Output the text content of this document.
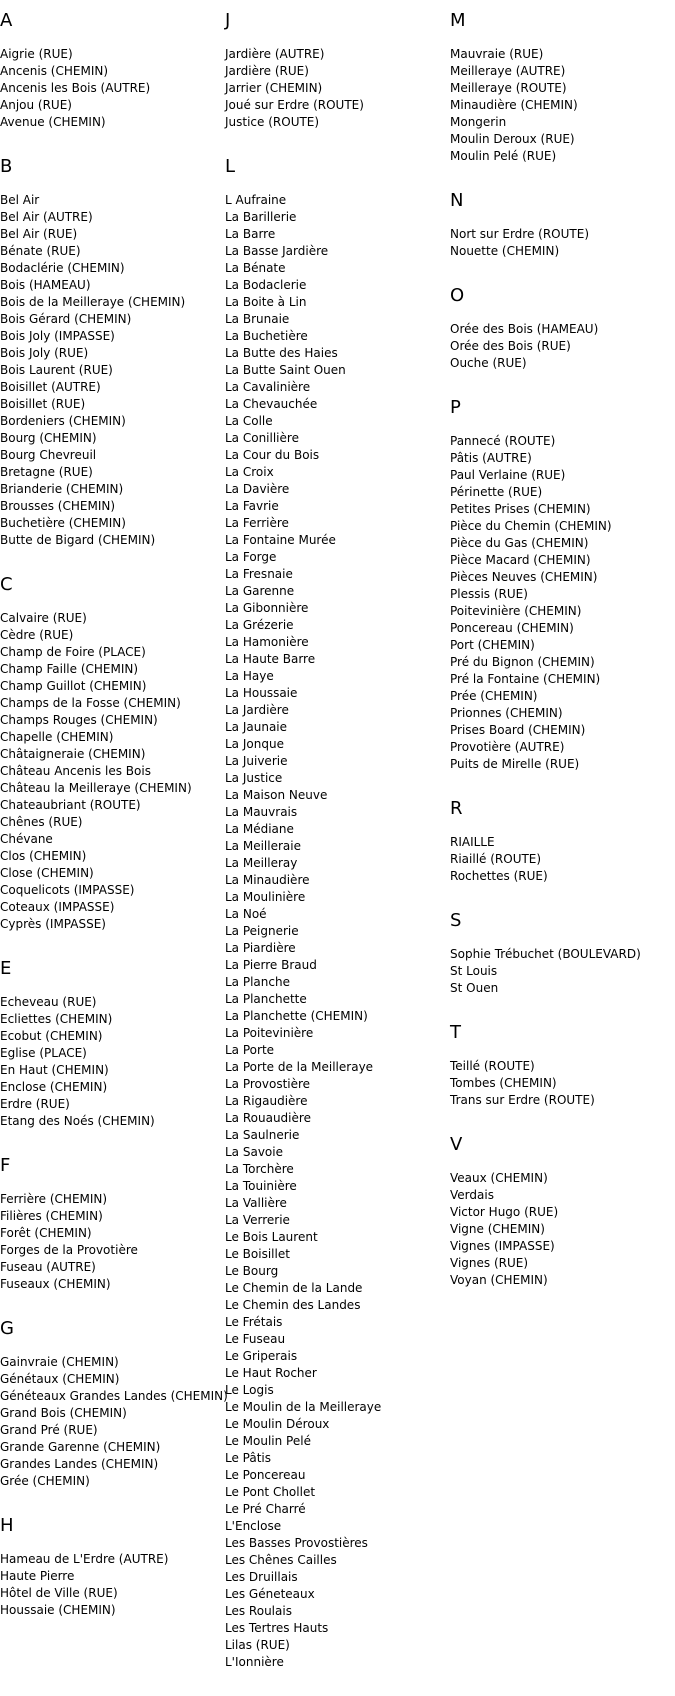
A
Aigrie (RUE)
Ancenis (CHEMIN)
Ancenis les Bois (AUTRE)
Anjou (RUE)
Avenue (CHEMIN)
B
Bel Air
Bel Air (AUTRE)
Bel Air (RUE)
Bénate (RUE)
Bodaclérie (CHEMIN)
Bois (HAMEAU)
Bois de la Meilleraye (CHEMIN)
Bois Gérard (CHEMIN)
Bois Joly (IMPASSE)
Bois Joly (RUE)
Bois Laurent (RUE)
Boisillet (AUTRE)
Boisillet (RUE)
Bordeniers (CHEMIN)
Bourg (CHEMIN)
Bourg Chevreuil
Bretagne (RUE)
Brianderie (CHEMIN)
Brousses (CHEMIN)
Buchetière (CHEMIN)
Butte de Bigard (CHEMIN)
C
Calvaire (RUE)
Cèdre (RUE)
Champ de Foire (PLACE)
Champ Faille (CHEMIN)
Champ Guillot (CHEMIN)
Champs de la Fosse (CHEMIN)
Champs Rouges (CHEMIN)
Chapelle (CHEMIN)
Châtaigneraie (CHEMIN)
Château Ancenis les Bois
Château la Meilleraye (CHEMIN)
Chateaubriant (ROUTE)
Chênes (RUE)
Chévane
Clos (CHEMIN)
Close (CHEMIN)
Coquelicots (IMPASSE)
Coteaux (IMPASSE)
Cyprès (IMPASSE)
E
Echeveau (RUE)
Ecliettes (CHEMIN)
Ecobut (CHEMIN)
Eglise (PLACE)
En Haut (CHEMIN)
Enclose (CHEMIN)
Erdre (RUE)
Etang des Noés (CHEMIN)
F
Ferrière (CHEMIN)
Filières (CHEMIN)
Forêt (CHEMIN)
Forges de la Provotière
Fuseau (AUTRE)
Fuseaux (CHEMIN)
G
Gainvraie (CHEMIN)
Génétaux (CHEMIN)
Généteaux Grandes Landes (CHEMIN)
Grand Bois (CHEMIN)
Grand Pré (RUE)
Grande Garenne (CHEMIN)
Grandes Landes (CHEMIN)
Grée (CHEMIN)
H
Hameau de L'Erdre (AUTRE)
Haute Pierre
Hôtel de Ville (RUE)
Houssaie (CHEMIN)
J
Jardière (AUTRE)
Jardière (RUE)
Jarrier (CHEMIN)
Joué sur Erdre (ROUTE)
Justice (ROUTE)
L
L Aufraine
La Barillerie
La Barre
La Basse Jardière
La Bénate
La Bodaclerie
La Boite à Lin
La Brunaie
La Buchetière
La Butte des Haies
La Butte Saint Ouen
La Cavalinière
La Chevauchée
La Colle
La Conillière
La Cour du Bois
La Croix
La Davière
La Favrie
La Ferrière
La Fontaine Murée
La Forge
La Fresnaie
La Garenne
La Gibonnière
La Grézerie
La Hamonière
La Haute Barre
La Haye
La Houssaie
La Jardière
La Jaunaie
La Jonque
La Juiverie
La Justice
La Maison Neuve
La Mauvrais
La Médiane
La Meilleraie
La Meilleray
La Minaudière
La Moulinière
La Noé
La Peignerie
La Piardière
La Pierre Braud
La Planche
La Planchette
La Planchette (CHEMIN)
La Poitevinière
La Porte
La Porte de la Meilleraye
La Provostière
La Rigaudière
La Rouaudière
La Saulnerie
La Savoie
La Torchère
La Touinière
La Vallière
La Verrerie
Le Bois Laurent
Le Boisillet
Le Bourg
Le Chemin de la Lande
Le Chemin des Landes
Le Frétais
Le Fuseau
Le Griperais
Le Haut Rocher
Le Logis
Le Moulin de la Meilleraye
Le Moulin Déroux
Le Moulin Pelé
Le Pâtis
Le Poncereau
Le Pont Chollet
Le Pré Charré
L'Enclose
Les Basses Provostières
Les Chênes Cailles
Les Druillais
Les Géneteaux
Les Roulais
Les Tertres Hauts
Lilas (RUE)
L'Ionnière
M
Mauvraie (RUE)
Meilleraye (AUTRE)
Meilleraye (ROUTE)
Minaudière (CHEMIN)
Mongerin
Moulin Deroux (RUE)
Moulin Pelé (RUE)
N
Nort sur Erdre (ROUTE)
Nouette (CHEMIN)
O
Orée des Bois (HAMEAU)
Orée des Bois (RUE)
Ouche (RUE)
P
Pannecé (ROUTE)
Pâtis (AUTRE)
Paul Verlaine (RUE)
Périnette (RUE)
Petites Prises (CHEMIN)
Pièce du Chemin (CHEMIN)
Pièce du Gas (CHEMIN)
Pièce Macard (CHEMIN)
Pièces Neuves (CHEMIN)
Plessis (RUE)
Poitevinière (CHEMIN)
Poncereau (CHEMIN)
Port (CHEMIN)
Pré du Bignon (CHEMIN)
Pré la Fontaine (CHEMIN)
Prée (CHEMIN)
Prionnes (CHEMIN)
Prises Board (CHEMIN)
Provotière (AUTRE)
Puits de Mirelle (RUE)
R
RIAILLE
Riaillé (ROUTE)
Rochettes (RUE)
S
Sophie Trébuchet (BOULEVARD)
St Louis
St Ouen
T
Teillé (ROUTE)
Tombes (CHEMIN)
Trans sur Erdre (ROUTE)
V
Veaux (CHEMIN)
Verdais
Victor Hugo (RUE)
Vigne (CHEMIN)
Vignes (IMPASSE)
Vignes (RUE)
Voyan (CHEMIN)
